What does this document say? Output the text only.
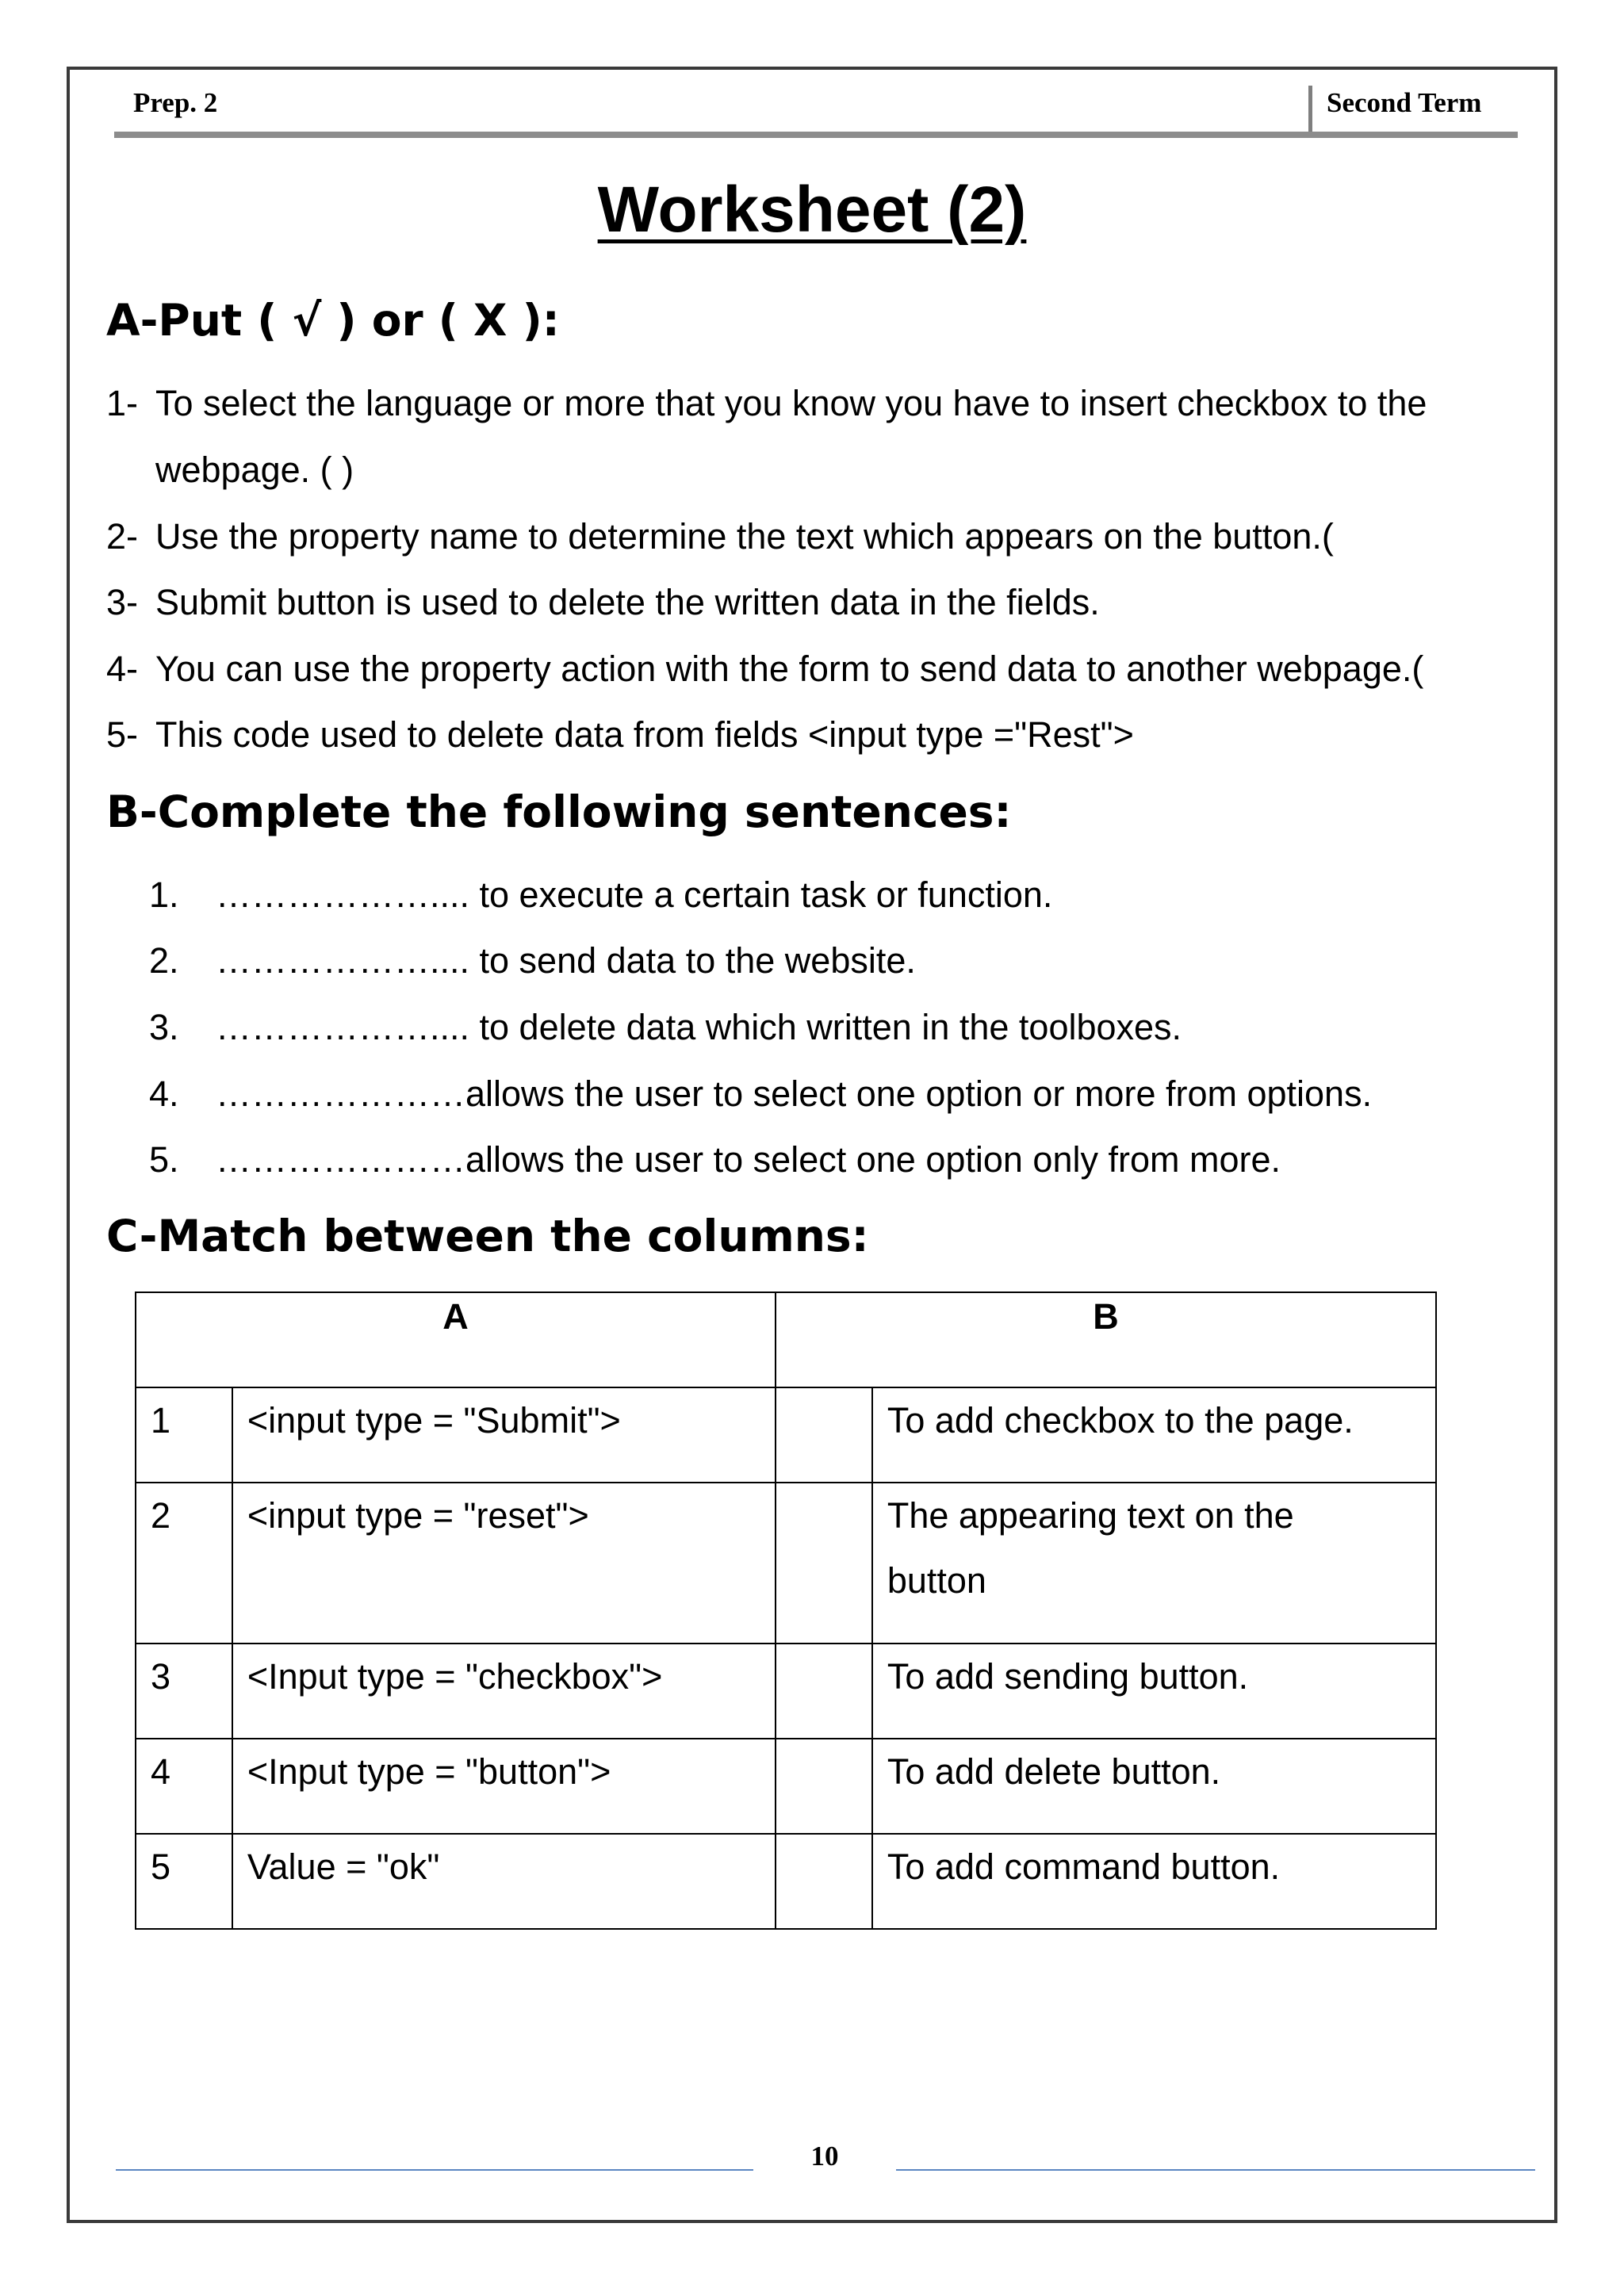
Prep. 2	Second Term
Worksheet (2)
A-Put ( √ ) or ( X ):
1- To select the language or more that you know you have to insert checkbox to the
webpage. ( )
2- Use the property name to determine the text which appears on the button.(
3- Submit button is used to delete the written data in the fields.
4- You can use the property action with the form to send data to another webpage.(
5- This code used to delete data from fields <input type ="Rest">
B-Complete the following sentences:
1. ……………….... to execute a certain task or function.
2. ……………….... to send data to the website.
3. ……………….... to delete data which written in the toolboxes.
4. …………………allows the user to select one option or more from options.
5. …………………allows the user to select one option only from more.
C-Match between the columns:
A		B	
1	<input type = "Submit">		To add checkbox to the page.
2	<input type = "reset">		The appearing text on the button
3	<Input type = "checkbox">		To add sending button.
4	<Input type = "button">		To add delete button.
5	Value = "ok"		To add command button.
10
